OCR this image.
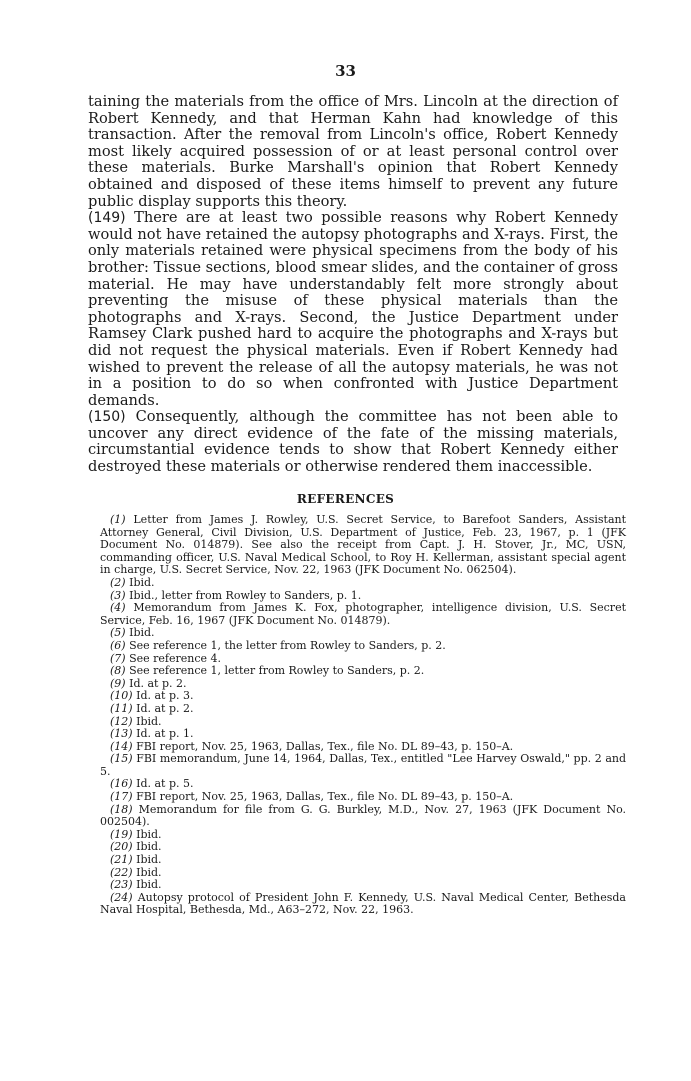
33

taining the materials from the office of Mrs. Lincoln at the direction of Robert Kennedy, and that Herman Kahn had knowledge of this transaction. After the removal from Lincoln's office, Robert Kennedy most likely acquired possession of or at least personal control over these materials. Burke Marshall's opinion that Robert Kennedy obtained and disposed of these items himself to prevent any future public display supports this theory.

(149) There are at least two possible reasons why Robert Kennedy would not have retained the autopsy photographs and X-rays. First, the only materials retained were physical specimens from the body of his brother: Tissue sections, blood smear slides, and the container of gross material. He may have understandably felt more strongly about preventing the misuse of these physical materials than the photographs and X-rays. Second, the Justice Department under Ramsey Clark pushed hard to acquire the photographs and X-rays but did not request the physical materials. Even if Robert Kennedy had wished to prevent the release of all the autopsy materials, he was not in a position to do so when confronted with Justice Department demands.

(150) Consequently, although the committee has not been able to uncover any direct evidence of the fate of the missing materials, circumstantial evidence tends to show that Robert Kennedy either destroyed these materials or otherwise rendered them inaccessible.

REFERENCES

(1) Letter from James J. Rowley, U.S. Secret Service, to Barefoot Sanders, Assistant Attorney General, Civil Division, U.S. Department of Justice, Feb. 23, 1967, p. 1 (JFK Document No. 014879). See also the receipt from Capt. J. H. Stover, Jr., MC, USN, commanding officer, U.S. Naval Medical School, to Roy H. Kellerman, assistant special agent in charge, U.S. Secret Service, Nov. 22, 1963 (JFK Document No. 062504).

(2) Ibid.

(3) Ibid., letter from Rowley to Sanders, p. 1.

(4) Memorandum from James K. Fox, photographer, intelligence division, U.S. Secret Service, Feb. 16, 1967 (JFK Document No. 014879).

(5) Ibid.

(6) See reference 1, the letter from Rowley to Sanders, p. 2.

(7) See reference 4.

(8) See reference 1, letter from Rowley to Sanders, p. 2.

(9) Id. at p. 2.

(10) Id. at p. 3.

(11) Id. at p. 2.

(12) Ibid.

(13) Id. at p. 1.

(14) FBI report, Nov. 25, 1963, Dallas, Tex., file No. DL 89–43, p. 150–A.

(15) FBI memorandum, June 14, 1964, Dallas, Tex., entitled "Lee Harvey Oswald," pp. 2 and 5.

(16) Id. at p. 5.

(17) FBI report, Nov. 25, 1963, Dallas, Tex., file No. DL 89–43, p. 150–A.

(18) Memorandum for file from G. G. Burkley, M.D., Nov. 27, 1963 (JFK Document No. 002504).

(19) Ibid.

(20) Ibid.

(21) Ibid.

(22) Ibid.

(23) Ibid.

(24) Autopsy protocol of President John F. Kennedy, U.S. Naval Medical Center, Bethesda Naval Hospital, Bethesda, Md., A63–272, Nov. 22, 1963.
